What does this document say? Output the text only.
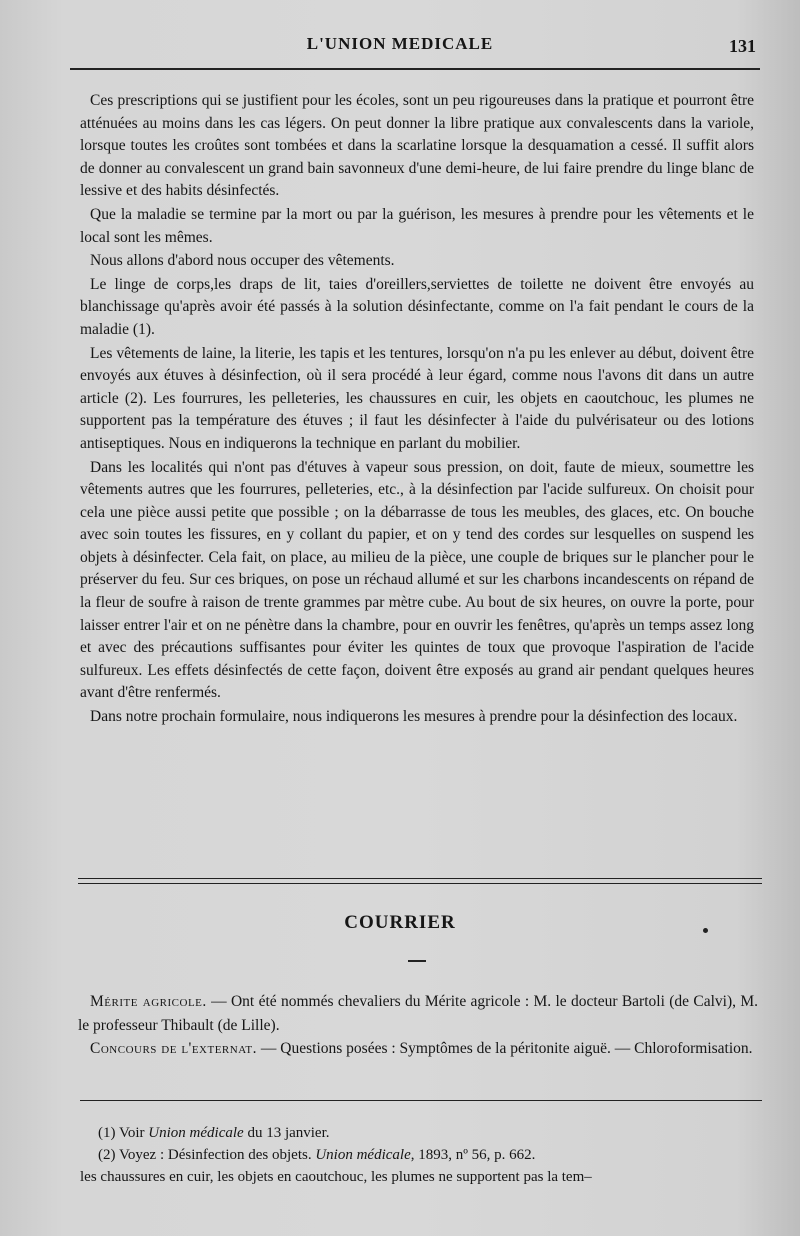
L'UNION MEDICALE	131

Ces prescriptions qui se justifient pour les écoles, sont un peu rigoureuses dans la pratique et pourront être atténuées au moins dans les cas légers. On peut donner la libre pratique aux convalescents dans la variole, lorsque toutes les croûtes sont tombées et dans la scarlatine lorsque la desquamation a cessé. Il suffit alors de donner au convalescent un grand bain savonneux d'une demi-heure, de lui faire prendre du linge blanc de lessive et des habits désinfectés.

Que la maladie se termine par la mort ou par la guérison, les mesures à prendre pour les vêtements et le local sont les mêmes.

Nous allons d'abord nous occuper des vêtements.

Le linge de corps,les draps de lit, taies d'oreillers,serviettes de toilette ne doivent être envoyés au blanchissage qu'après avoir été passés à la solution désinfectante, comme on l'a fait pendant le cours de la maladie (1).

Les vêtements de laine, la literie, les tapis et les tentures, lorsqu'on n'a pu les enlever au début, doivent être envoyés aux étuves à désinfection, où il sera procédé à leur égard, comme nous l'avons dit dans un autre article (2). Les fourrures, les pelleteries, les chaussures en cuir, les objets en caoutchouc, les plumes ne supportent pas la température des étuves ; il faut les désinfecter à l'aide du pulvérisateur ou des lotions antiseptiques. Nous en indiquerons la technique en parlant du mobilier.

Dans les localités qui n'ont pas d'étuves à vapeur sous pression, on doit, faute de mieux, soumettre les vêtements autres que les fourrures, pelleteries, etc., à la désinfection par l'acide sulfureux. On choisit pour cela une pièce aussi petite que possible ; on la débarrasse de tous les meubles, des glaces, etc. On bouche avec soin toutes les fissures, en y collant du papier, et on y tend des cordes sur lesquelles on suspend les objets à désinfecter. Cela fait, on place, au milieu de la pièce, une couple de briques sur le plancher pour le préserver du feu. Sur ces briques, on pose un réchaud allumé et sur les charbons incandescents on répand de la fleur de soufre à raison de trente grammes par mètre cube. Au bout de six heures, on ouvre la porte, pour laisser entrer l'air et on ne pénètre dans la chambre, pour en ouvrir les fenêtres, qu'après un temps assez long et avec des précautions suffisantes pour éviter les quintes de toux que provoque l'aspiration de l'acide sulfureux. Les effets désinfectés de cette façon, doivent être exposés au grand air pendant quelques heures avant d'être renfermés.

Dans notre prochain formulaire, nous indiquerons les mesures à prendre pour la désinfection des locaux.

COURRIER

Mérite agricole. — Ont été nommés chevaliers du Mérite agricole : M. le docteur Bartoli (de Calvi), M. le professeur Thibault (de Lille).

Concours de l'externat. — Questions posées : Symptômes de la péritonite aiguë. — Chloroformisation.

(1) Voir Union médicale du 13 janvier.

(2) Voyez : Désinfection des objets. Union médicale, 1893, nº 56, p. 662.

les chaussures en cuir, les objets en caoutchouc, les plumes ne supportent pas la tem–
